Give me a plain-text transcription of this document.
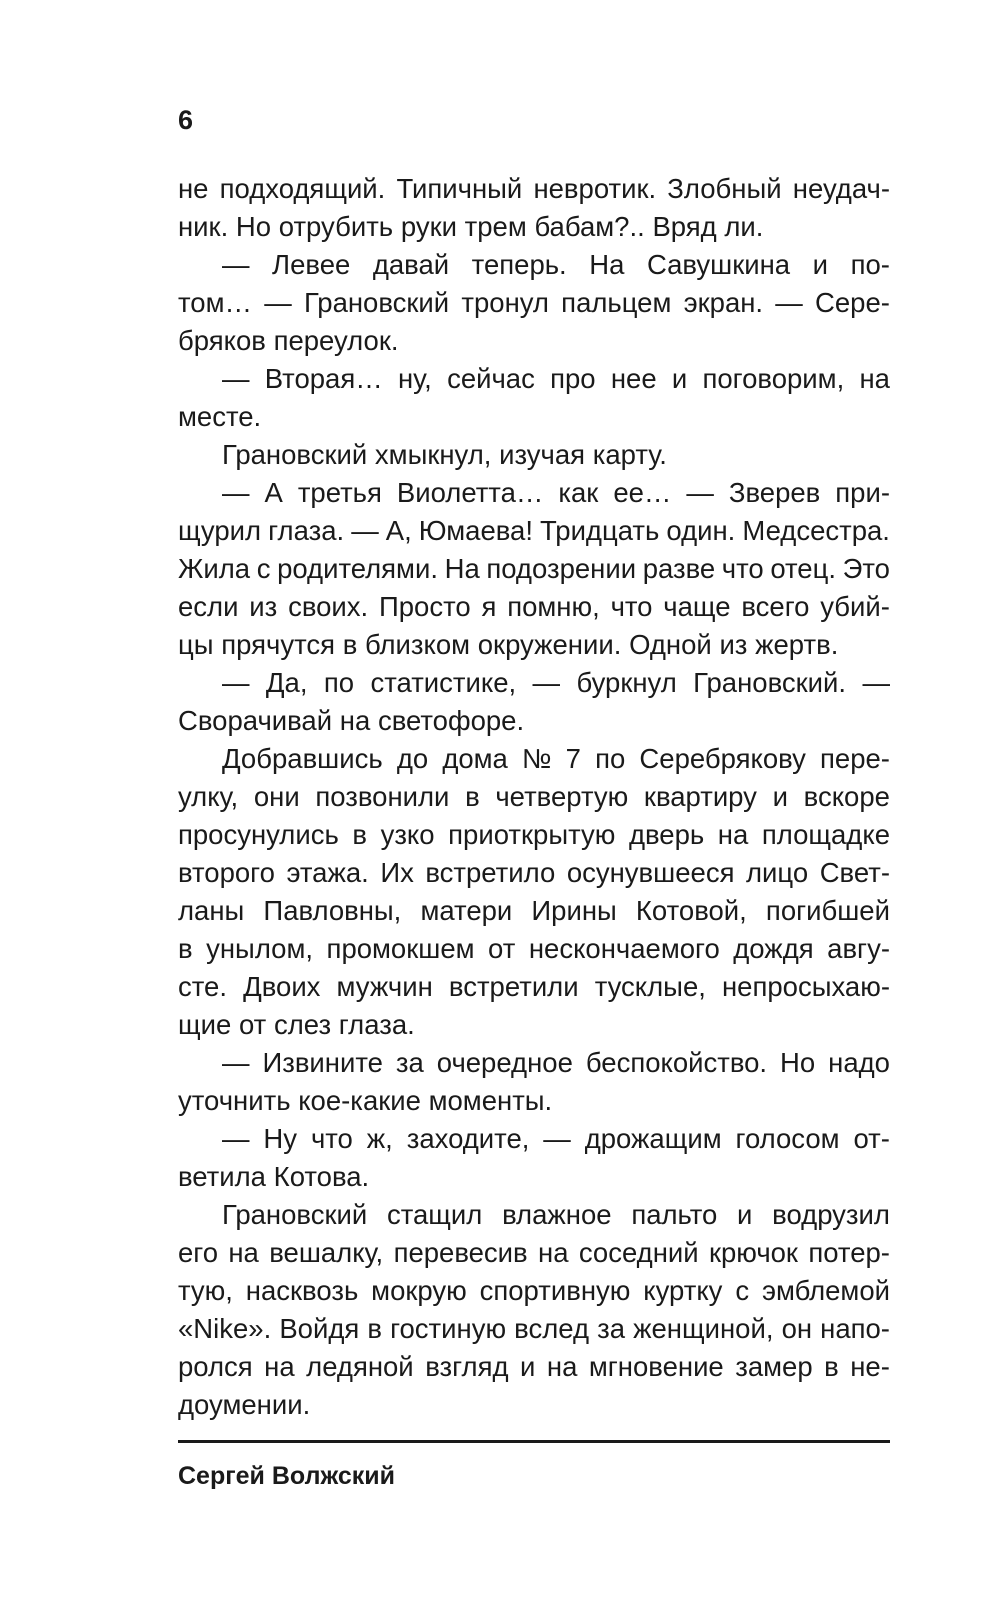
6
не подходящий. Типичный невротик. Злобный неудач-
ник. Но отрубить руки трем бабам?.. Вряд ли.
— Левее давай теперь. На Савушкина и по-
том… — Грановский тронул пальцем экран. — Сере-
бряков переулок.
— Вторая… ну, сейчас про нее и поговорим, на
месте.
Грановский хмыкнул, изучая карту.
— А третья Виолетта… как ее… — Зверев при-
щурил глаза. — А, Юмаева! Тридцать один. Медсестра.
Жила с родителями. На подозрении разве что отец. Это
если из своих. Просто я помню, что чаще всего убий-
цы прячутся в близком окружении. Одной из жертв.
— Да, по статистике, — буркнул Грановский. —
Сворачивай на светофоре.
Добравшись до дома № 7 по Серебрякову пере-
улку, они позвонили в четвертую квартиру и вскоре
просунулись в узко приоткрытую дверь на площадке
второго этажа. Их встретило осунувшееся лицо Свет-
ланы Павловны, матери Ирины Котовой, погибшей
в унылом, промокшем от нескончаемого дождя авгу-
сте. Двоих мужчин встретили тусклые, непросыхаю-
щие от слез глаза.
— Извините за очередное беспокойство. Но надо
уточнить кое-какие моменты.
— Ну что ж, заходите, — дрожащим голосом от-
ветила Котова.
Грановский стащил влажное пальто и водрузил
его на вешалку, перевесив на соседний крючок потер-
тую, насквозь мокрую спортивную куртку с эмблемой
«Nike». Войдя в гостиную вслед за женщиной, он напо-
ролся на ледяной взгляд и на мгновение замер в не-
доумении.
Сергей Волжский
